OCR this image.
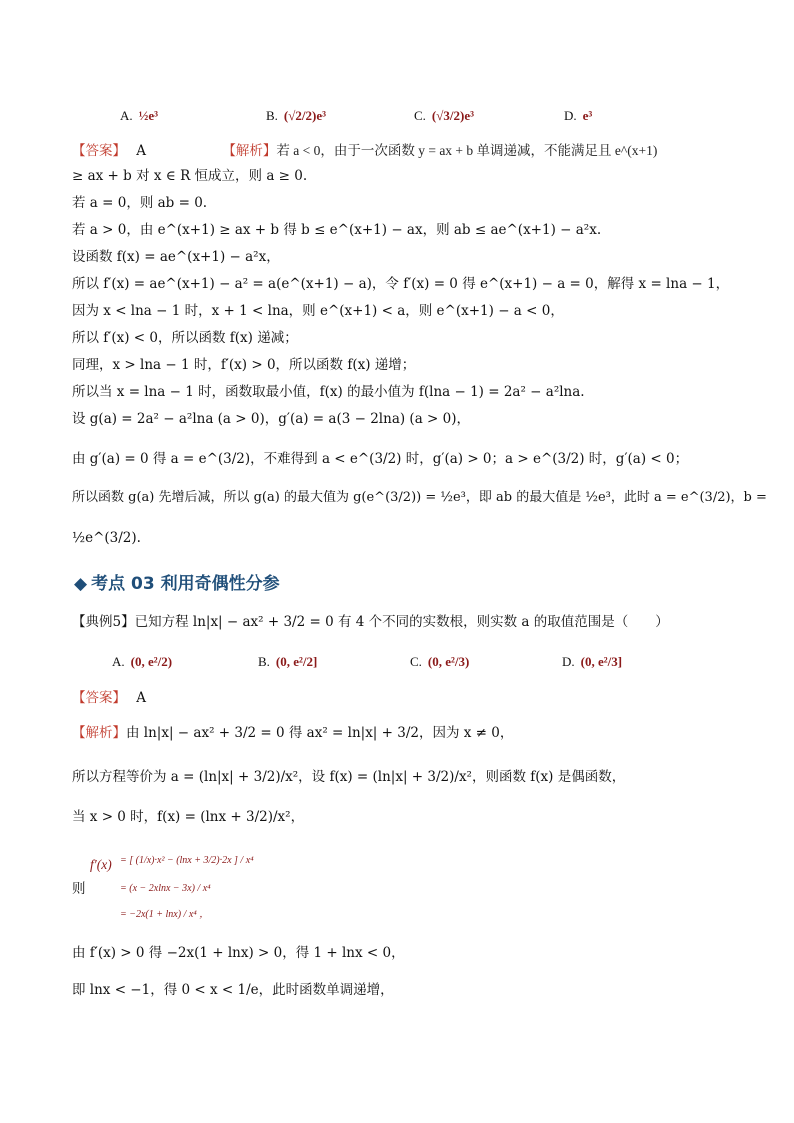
A. ½e³	B. (√2/2)e³	C. (√3/2)e³	D. e³
【答案】 A	【解析】若 a < 0，由于一次函数 y = ax + b 单调递减，不能满足且 e^(x+1)
≥ ax + b 对 x ∈ R 恒成立，则 a ≥ 0.
若 a = 0，则 ab = 0.
若 a > 0，由 e^(x+1) ≥ ax + b 得 b ≤ e^(x+1) − ax，则 ab ≤ ae^(x+1) − a²x.
设函数 f(x) = ae^(x+1) − a²x，
所以 f′(x) = ae^(x+1) − a² = a(e^(x+1) − a)，令 f′(x) = 0 得 e^(x+1) − a = 0，解得 x = lna − 1，
因为 x < lna − 1 时，x + 1 < lna，则 e^(x+1) < a，则 e^(x+1) − a < 0，
所以 f′(x) < 0，所以函数 f(x) 递减；
同理，x > lna − 1 时，f′(x) > 0，所以函数 f(x) 递增；
所以当 x = lna − 1 时，函数取最小值，f(x) 的最小值为 f(lna − 1) = 2a² − a²lna.
设 g(a) = 2a² − a²lna (a > 0)，g′(a) = a(3 − 2lna) (a > 0)，
由 g′(a) = 0 得 a = e^(3/2)，不难得到 a < e^(3/2) 时，g′(a) > 0；a > e^(3/2) 时，g′(a) < 0；
所以函数 g(a) 先增后减，所以 g(a) 的最大值为 g(e^(3/2)) = ½e³，即 ab 的最大值是 ½e³，此时 a = e^(3/2)，b =
½e^(3/2).
◆ 考点 03 利用奇偶性分参
【典例5】已知方程 ln|x| − ax² + 3/2 = 0 有 4 个不同的实数根，则实数 a 的取值范围是（　　）
A. (0, e²/2)	B. (0, e²/2]	C. (0, e²/3)	D. (0, e²/3]
【答案】 A
【解析】由 ln|x| − ax² + 3/2 = 0 得 ax² = ln|x| + 3/2，因为 x ≠ 0，
所以方程等价为 a = (ln|x| + 3/2)/x²，设 f(x) = (ln|x| + 3/2)/x²，则函数 f(x) 是偶函数，
当 x > 0 时，f(x) = (lnx + 3/2)/x²，
f′(x)
则
= [ (1/x)·x² − (lnx + 3/2)·2x ] / x⁴
= (x − 2xlnx − 3x) / x⁴
= −2x(1 + lnx) / x⁴ ，
由 f′(x) > 0 得 −2x(1 + lnx) > 0，得 1 + lnx < 0，
即 lnx < −1，得 0 < x < 1/e，此时函数单调递增，
